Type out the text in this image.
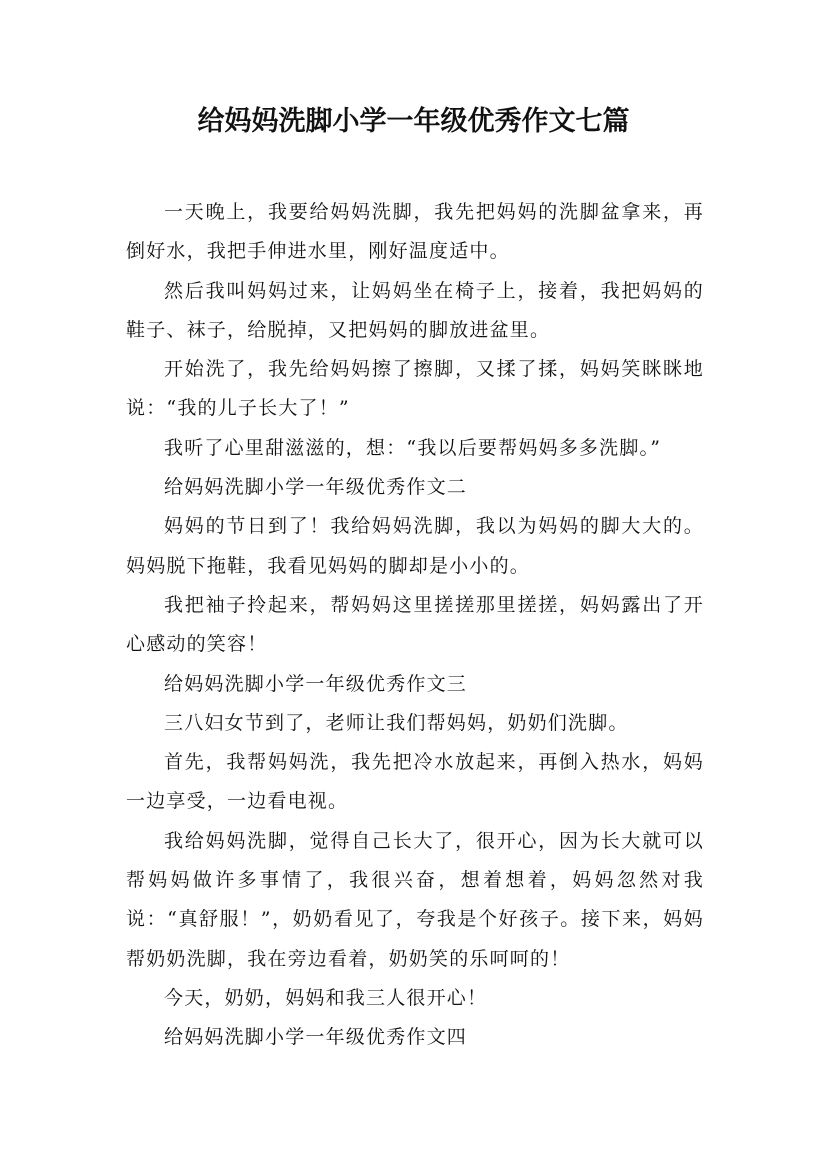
给妈妈洗脚小学一年级优秀作文七篇

一天晚上，我要给妈妈洗脚，我先把妈妈的洗脚盆拿来，再倒好水，我把手伸进水里，刚好温度适中。

然后我叫妈妈过来，让妈妈坐在椅子上，接着，我把妈妈的鞋子、袜子，给脱掉，又把妈妈的脚放进盆里。

开始洗了，我先给妈妈擦了擦脚，又揉了揉，妈妈笑眯眯地说：“我的儿子长大了！”

我听了心里甜滋滋的，想：“我以后要帮妈妈多多洗脚。”

给妈妈洗脚小学一年级优秀作文二

妈妈的节日到了！我给妈妈洗脚，我以为妈妈的脚大大的。妈妈脱下拖鞋，我看见妈妈的脚却是小小的。

我把袖子拎起来，帮妈妈这里搓搓那里搓搓，妈妈露出了开心感动的笑容！

给妈妈洗脚小学一年级优秀作文三

三八妇女节到了，老师让我们帮妈妈，奶奶们洗脚。

首先，我帮妈妈洗，我先把冷水放起来，再倒入热水，妈妈一边享受，一边看电视。

我给妈妈洗脚，觉得自己长大了，很开心，因为长大就可以帮妈妈做许多事情了，我很兴奋，想着想着，妈妈忽然对我说：“真舒服！”，奶奶看见了，夸我是个好孩子。接下来，妈妈帮奶奶洗脚，我在旁边看着，奶奶笑的乐呵呵的！

今天，奶奶，妈妈和我三人很开心！

给妈妈洗脚小学一年级优秀作文四
